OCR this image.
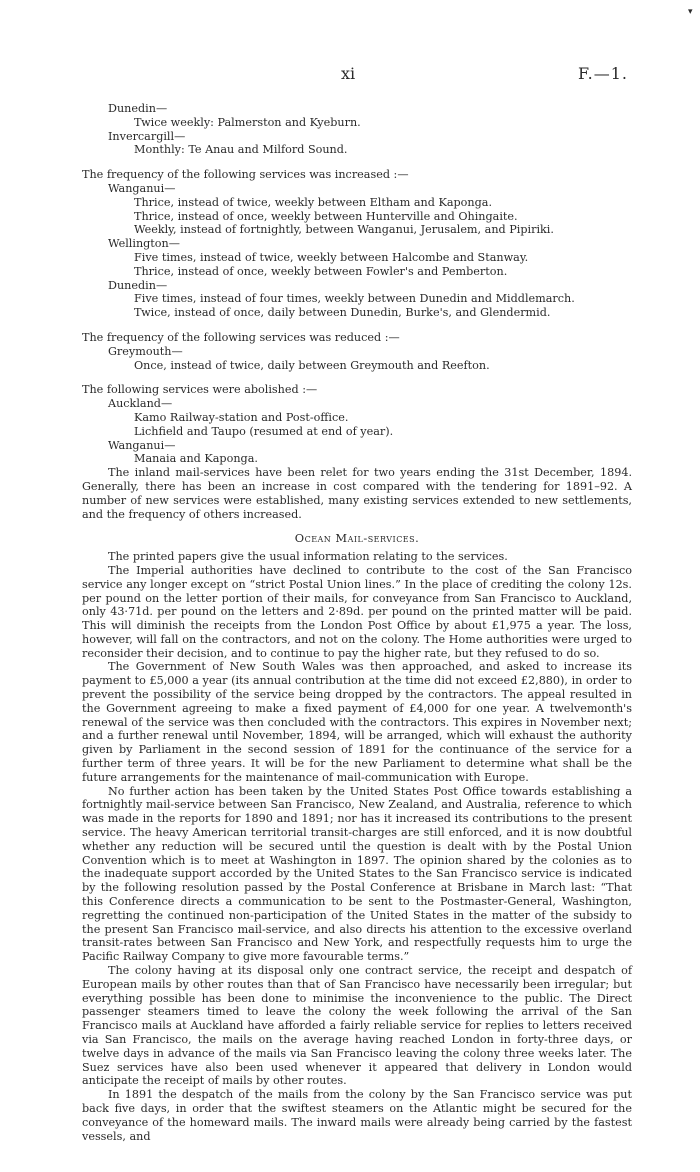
▾
xi	F.—1.
Dunedin—
Twice weekly: Palmerston and Kyeburn.
Invercargill—
Monthly: Te Anau and Milford Sound.
The frequency of the following services was increased :—
Wanganui—
Thrice, instead of twice, weekly between Eltham and Kaponga.
Thrice, instead of once, weekly between Hunterville and Ohingaite.
Weekly, instead of fortnightly, between Wanganui, Jerusalem, and Pipiriki.
Wellington—
Five times, instead of twice, weekly between Halcombe and Stanway.
Thrice, instead of once, weekly between Fowler's and Pemberton.
Dunedin—
Five times, instead of four times, weekly between Dunedin and Middlemarch.
Twice, instead of once, daily between Dunedin, Burke's, and Glendermid.
The frequency of the following services was reduced :—
Greymouth—
Once, instead of twice, daily between Greymouth and Reefton.
The following services were abolished :—
Auckland—
Kamo Railway-station and Post-office.
Lichfield and Taupo (resumed at end of year).
Wanganui—
Manaia and Kaponga.

The inland mail-services have been relet for two years ending the 31st December, 1894. Generally, there has been an increase in cost compared with the tendering for 1891–92. A number of new services were established, many existing services extended to new settlements, and the frequency of others increased.

Ocean Mail-services.

The printed papers give the usual information relating to the services.

The Imperial authorities have declined to contribute to the cost of the San Francisco service any longer except on “strict Postal Union lines.” In the place of crediting the colony 12s. per pound on the letter portion of their mails, for conveyance from San Francisco to Auckland, only 43·71d. per pound on the letters and 2·89d. per pound on the printed matter will be paid. This will diminish the receipts from the London Post Office by about £1,975 a year. The loss, however, will fall on the contractors, and not on the colony. The Home authorities were urged to reconsider their decision, and to continue to pay the higher rate, but they refused to do so.

The Government of New South Wales was then approached, and asked to increase its payment to £5,000 a year (its annual contribution at the time did not exceed £2,880), in order to prevent the possibility of the service being dropped by the contractors. The appeal resulted in the Government agreeing to make a fixed payment of £4,000 for one year. A twelvemonth's renewal of the service was then concluded with the contractors. This expires in November next; and a further renewal until November, 1894, will be arranged, which will exhaust the authority given by Parliament in the second session of 1891 for the continuance of the service for a further term of three years. It will be for the new Parliament to determine what shall be the future arrangements for the maintenance of mail-communication with Europe.

No further action has been taken by the United States Post Office towards establishing a fortnightly mail-service between San Francisco, New Zealand, and Australia, reference to which was made in the reports for 1890 and 1891; nor has it increased its contributions to the present service. The heavy American territorial transit-charges are still enforced, and it is now doubtful whether any reduction will be secured until the question is dealt with by the Postal Union Convention which is to meet at Washington in 1897. The opinion shared by the colonies as to the inadequate support accorded by the United States to the San Francisco service is indicated by the following resolution passed by the Postal Conference at Brisbane in March last: “That this Conference directs a communication to be sent to the Postmaster-General, Washington, regretting the continued non-participation of the United States in the matter of the subsidy to the present San Francisco mail-service, and also directs his attention to the excessive overland transit-rates between San Francisco and New York, and respectfully requests him to urge the Pacific Railway Company to give more favourable terms.”

The colony having at its disposal only one contract service, the receipt and despatch of European mails by other routes than that of San Francisco have necessarily been irregular; but everything possible has been done to minimise the inconvenience to the public. The Direct passenger steamers timed to leave the colony the week following the arrival of the San Francisco mails at Auckland have afforded a fairly reliable service for replies to letters received via San Francisco, the mails on the average having reached London in forty-three days, or twelve days in advance of the mails via San Francisco leaving the colony three weeks later. The Suez services have also been used whenever it appeared that delivery in London would anticipate the receipt of mails by other routes.

In 1891 the despatch of the mails from the colony by the San Francisco service was put back five days, in order that the swiftest steamers on the Atlantic might be secured for the conveyance of the homeward mails. The inward mails were already being carried by the fastest vessels, and
